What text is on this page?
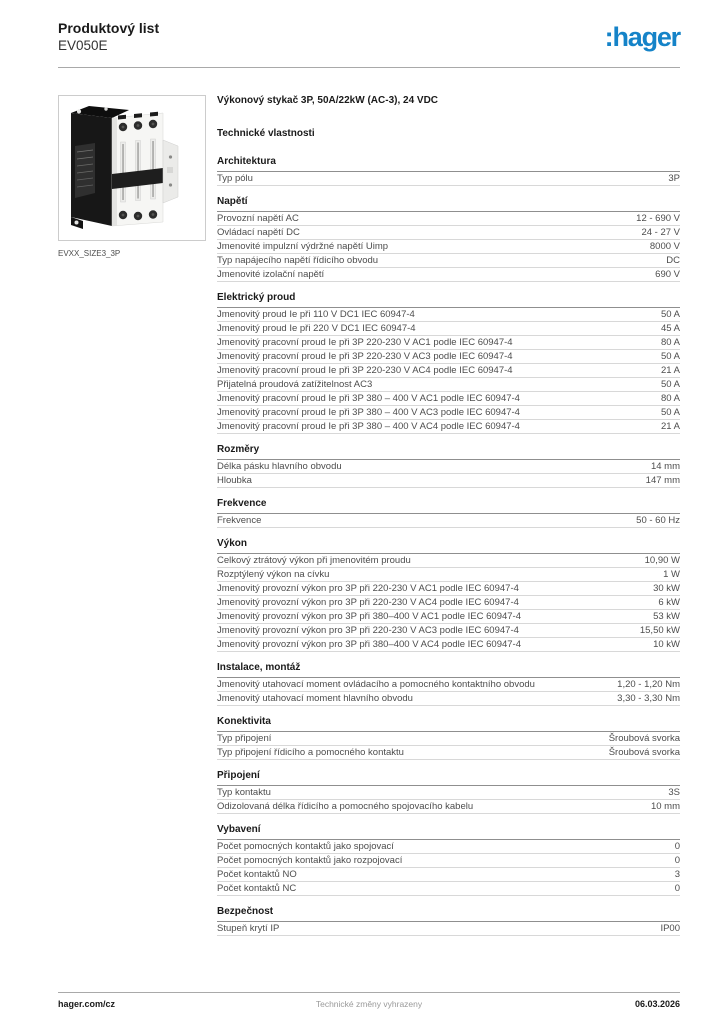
Produktový list
EV050E	:hager
EVXX_SIZE3_3P

Výkonový stykač 3P, 50A/22kW (AC-3), 24 VDC

Technické vlastnosti

Architektura
Typ pólu	3P
Napětí
Provozní napětí AC	12 - 690 V
Ovládací napětí DC	24 - 27 V
Jmenovité impulzní výdržné napětí Uimp	8000 V
Typ napájecího napětí řídicího obvodu	DC
Jmenovité izolační napětí	690 V
Elektrický proud
Jmenovitý proud Ie při 110 V DC1 IEC 60947-4	50 A
Jmenovitý proud Ie při 220 V DC1 IEC 60947-4	45 A
Jmenovitý pracovní proud Ie při 3P 220-230 V AC1 podle IEC 60947-4	80 A
Jmenovitý pracovní proud Ie při 3P 220-230 V AC3 podle IEC 60947-4	50 A
Jmenovitý pracovní proud Ie při 3P 220-230 V AC4 podle IEC 60947-4	21 A
Přijatelná proudová zatížitelnost AC3	50 A
Jmenovitý pracovní proud Ie při 3P 380 – 400 V AC1 podle IEC 60947-4	80 A
Jmenovitý pracovní proud Ie při 3P 380 – 400 V AC3 podle IEC 60947-4	50 A
Jmenovitý pracovní proud Ie při 3P 380 – 400 V AC4 podle IEC 60947-4	21 A
Rozměry
Délka pásku hlavního obvodu	14 mm
Hloubka	147 mm
Frekvence
Frekvence	50 - 60 Hz
Výkon
Celkový ztrátový výkon při jmenovitém proudu	10,90 W
Rozptýlený výkon na cívku	1 W
Jmenovitý provozní výkon pro 3P při 220-230 V AC1 podle IEC 60947-4	30 kW
Jmenovitý provozní výkon pro 3P při 220-230 V AC4 podle IEC 60947-4	6 kW
Jmenovitý provozní výkon pro 3P při 380–400 V AC1 podle IEC 60947-4	53 kW
Jmenovitý provozní výkon pro 3P při 220-230 V AC3 podle IEC 60947-4	15,50 kW
Jmenovitý provozní výkon pro 3P při 380–400 V AC4 podle IEC 60947-4	10 kW
Instalace, montáž
Jmenovitý utahovací moment ovládacího a pomocného kontaktního obvodu	1,20 - 1,20 Nm
Jmenovitý utahovací moment hlavního obvodu	3,30 - 3,30 Nm
Konektivita
Typ připojení	Šroubová svorka
Typ připojení řídicího a pomocného kontaktu	Šroubová svorka
Připojení
Typ kontaktu	3S
Odizolovaná délka řídicího a pomocného spojovacího kabelu	10 mm
Vybavení
Počet pomocných kontaktů jako spojovací	0
Počet pomocných kontaktů jako rozpojovací	0
Počet kontaktů NO	3
Počet kontaktů NC	0
Bezpečnost
Stupeň krytí IP	IP00
hager.com/cz	Technické změny vyhrazeny	06.03.2026
